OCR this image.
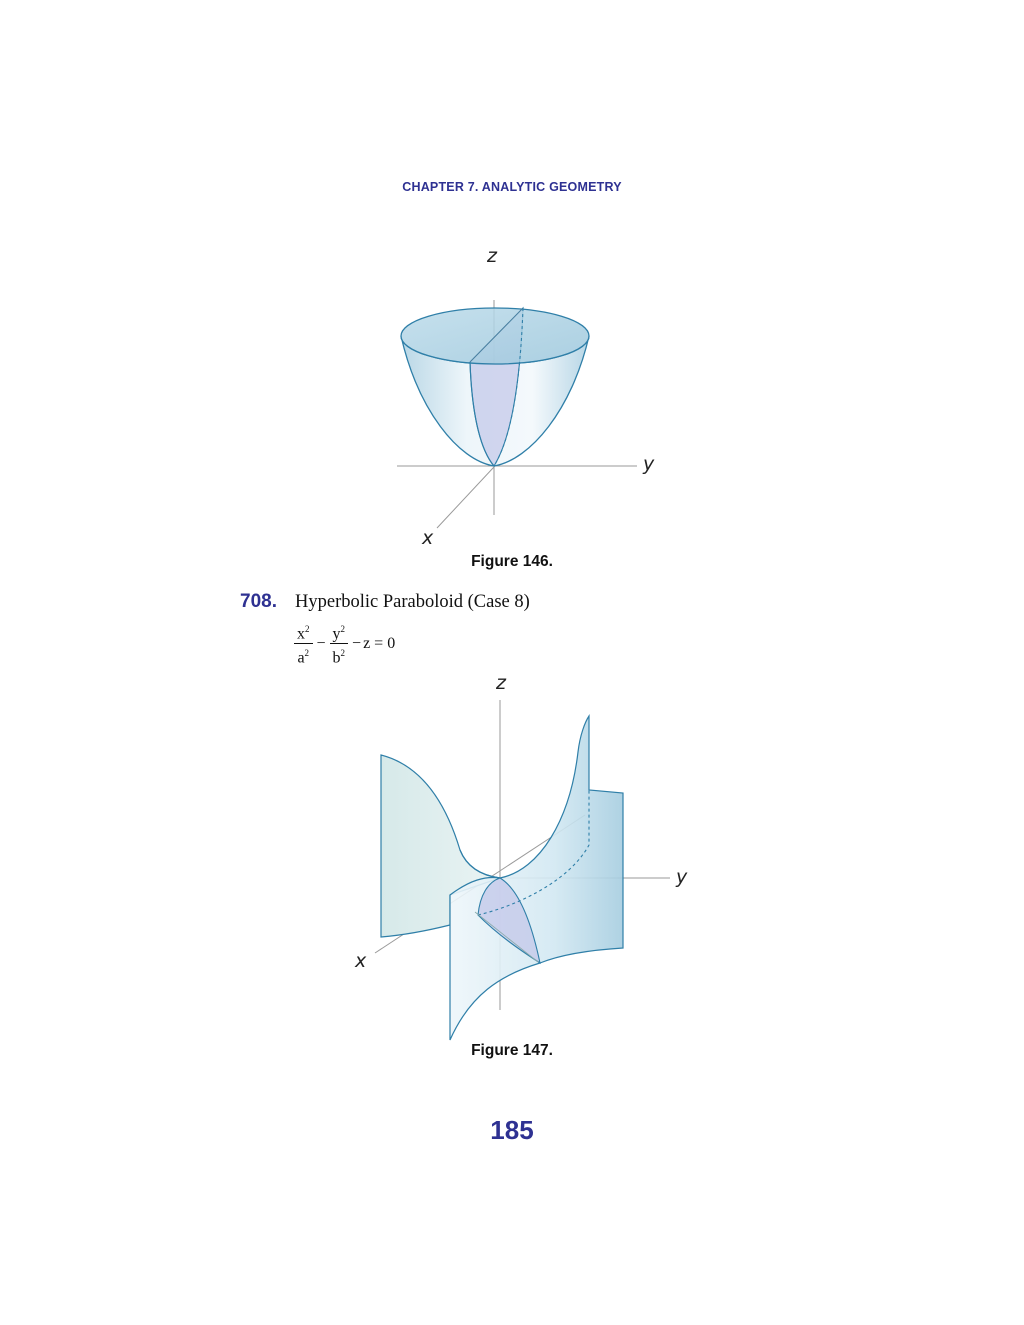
CHAPTER 7. ANALYTIC GEOMETRY
z
y
x
Figure 146.
708. Hyperbolic Paraboloid (Case 8)
$\frac{x^2}{a^2} - \frac{y^2}{b^2} - z = 0$
z
y
x
Figure 147.
185
